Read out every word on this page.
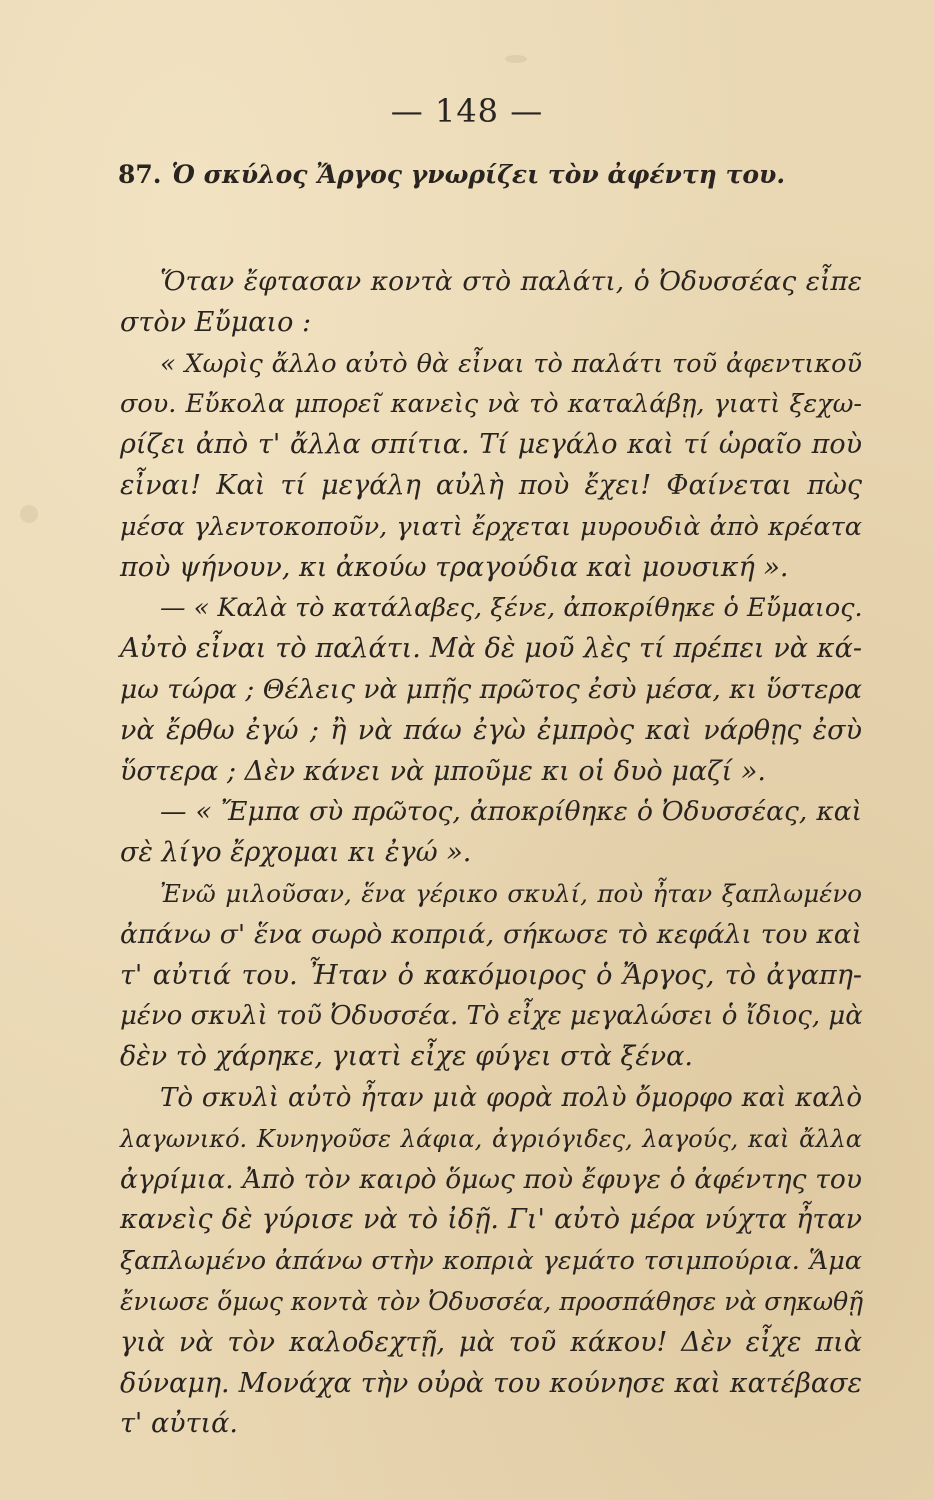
— 148 —
87. Ὁ σκύλος Ἄργος γνωρίζει τὸν ἀφέντη του.
Ὅταν ἔφτασαν κοντὰ στὸ παλάτι, ὁ Ὀδυσσέας εἶπε
στὸν Εὔμαιο :
« Χωρὶς ἄλλο αὐτὸ θὰ εἶναι τὸ παλάτι τοῦ ἀφεντικοῦ
σου. Εὔκολα μπορεῖ κανεὶς νὰ τὸ καταλάβῃ, γιατὶ ξεχω-
ρίζει ἀπὸ τ' ἄλλα σπίτια. Τί μεγάλο καὶ τί ὡραῖο ποὺ
εἶναι! Καὶ τί μεγάλη αὐλὴ ποὺ ἔχει! Φαίνεται πὼς
μέσα γλεντοκοποῦν, γιατὶ ἔρχεται μυρουδιὰ ἀπὸ κρέατα
ποὺ ψήνουν, κι ἀκούω τραγούδια καὶ μουσική ».
— « Καλὰ τὸ κατάλαβες, ξένε, ἀποκρίθηκε ὁ Εὔμαιος.
Αὐτὸ εἶναι τὸ παλάτι. Μὰ δὲ μοῦ λὲς τί πρέπει νὰ κά-
μω τώρα ; Θέλεις νὰ μπῇς πρῶτος ἐσὺ μέσα, κι ὕστερα
νὰ ἔρθω ἐγώ ; ἢ νὰ πάω ἐγὼ ἐμπρὸς καὶ νάρθῃς ἐσὺ
ὕστερα ; Δὲν κάνει νὰ μποῦμε κι οἱ δυὸ μαζί ».
— « Ἔμπα σὺ πρῶτος, ἀποκρίθηκε ὁ Ὀδυσσέας, καὶ
σὲ λίγο ἔρχομαι κι ἐγώ ».
Ἐνῶ μιλοῦσαν, ἕνα γέρικο σκυλί, ποὺ ἦταν ξαπλωμένο
ἀπάνω σ' ἕνα σωρὸ κοπριά, σήκωσε τὸ κεφάλι του καὶ
τ' αὐτιά του. Ἦταν ὁ κακόμοιρος ὁ Ἄργος, τὸ ἀγαπη-
μένο σκυλὶ τοῦ Ὀδυσσέα. Τὸ εἶχε μεγαλώσει ὁ ἴδιος, μὰ
δὲν τὸ χάρηκε, γιατὶ εἶχε φύγει στὰ ξένα.
Τὸ σκυλὶ αὐτὸ ἦταν μιὰ φορὰ πολὺ ὄμορφο καὶ καλὸ
λαγωνικό. Κυνηγοῦσε λάφια, ἀγριόγιδες, λαγούς, καὶ ἄλλα
ἀγρίμια. Ἀπὸ τὸν καιρὸ ὅμως ποὺ ἔφυγε ὁ ἀφέντης του
κανεὶς δὲ γύρισε νὰ τὸ ἰδῇ. Γι' αὐτὸ μέρα νύχτα ἦταν
ξαπλωμένο ἀπάνω στὴν κοπριὰ γεμάτο τσιμπούρια. Ἅμα
ἔνιωσε ὅμως κοντὰ τὸν Ὀδυσσέα, προσπάθησε νὰ σηκωθῇ
γιὰ νὰ τὸν καλοδεχτῇ, μὰ τοῦ κάκου! Δὲν εἶχε πιὰ
δύναμη. Μονάχα τὴν οὐρὰ του κούνησε καὶ κατέβασε
τ' αὐτιά.
